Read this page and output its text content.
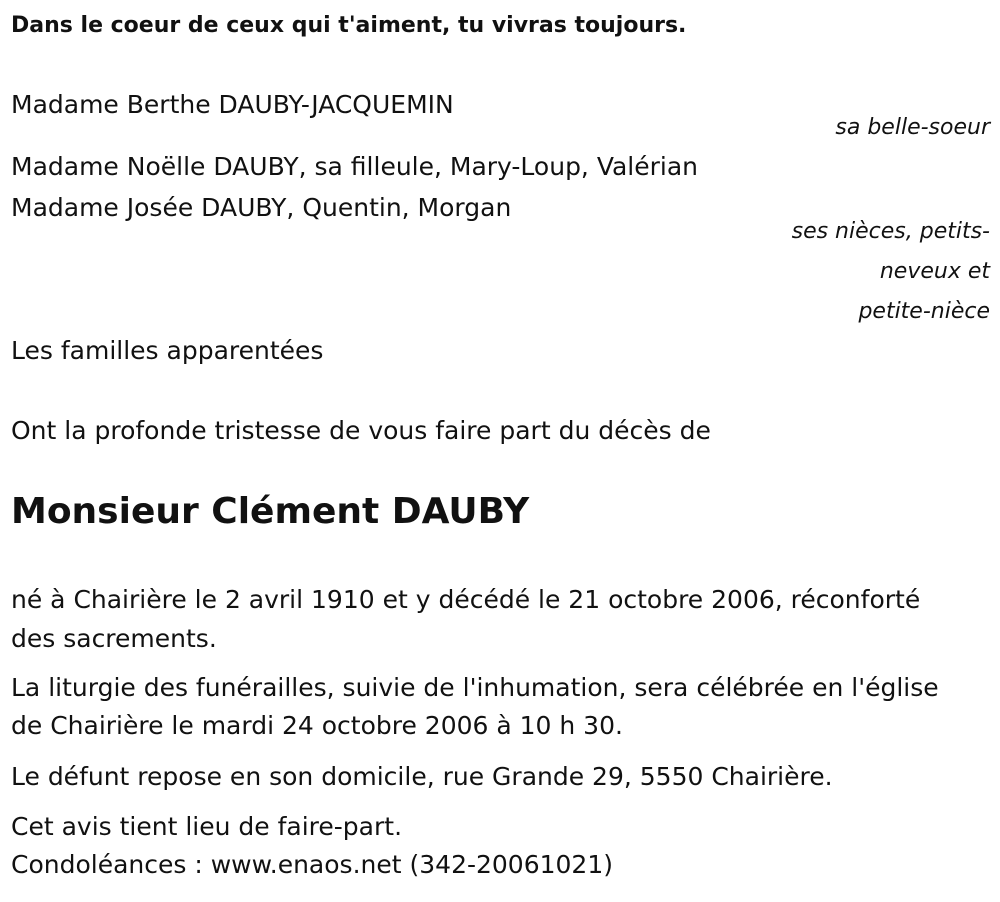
Dans le coeur de ceux qui t'aiment, tu vivras toujours.

Madame Berthe DAUBY-JACQUEMIN

sa belle-soeur

Madame Noëlle DAUBY, sa filleule, Mary-Loup, Valérian

Madame Josée DAUBY, Quentin, Morgan

ses nièces, petits-
neveux et
petite-nièce

Les familles apparentées

Ont la profonde tristesse de vous faire part du décès de

Monsieur Clément DAUBY

né à Chairière le 2 avril 1910 et y décédé le 21 octobre 2006, réconforté

des sacrements.

La liturgie des funérailles, suivie de l'inhumation, sera célébrée en l'église

de Chairière le mardi 24 octobre 2006 à 10 h 30.

Le défunt repose en son domicile, rue Grande 29, 5550 Chairière.

Cet avis tient lieu de faire-part.

Condoléances : www.enaos.net (342-20061021)
